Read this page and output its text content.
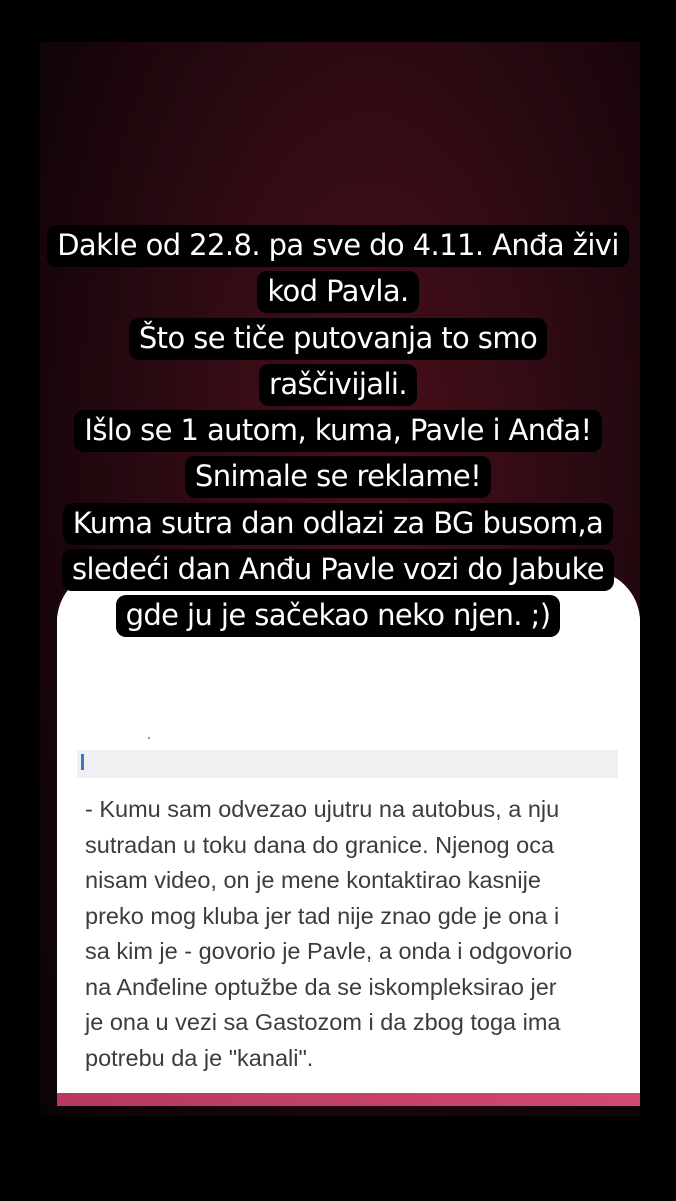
- Kumu sam odvezao ujutru na autobus, a nju
sutradan u toku dana do granice. Njenog oca
nisam video, on je mene kontaktirao kasnije
preko mog kluba jer tad nije znao gde je ona i
sa kim je - govorio je Pavle, a onda i odgovorio
na Anđeline optužbe da se iskompleksirao jer
je ona u vezi sa Gastozom i da zbog toga ima
potrebu da je "kanali".

Dakle od 22.8. pa sve do 4.11. Anđa živi
kod Pavla.
Što se tiče putovanja to smo
raščivijali.
Išlo se 1 autom, kuma, Pavle i Anđa!
Snimale se reklame!
Kuma sutra dan odlazi za BG busom,a
sledeći dan Anđu Pavle vozi do Jabuke
gde ju je sačekao neko njen. ;)
